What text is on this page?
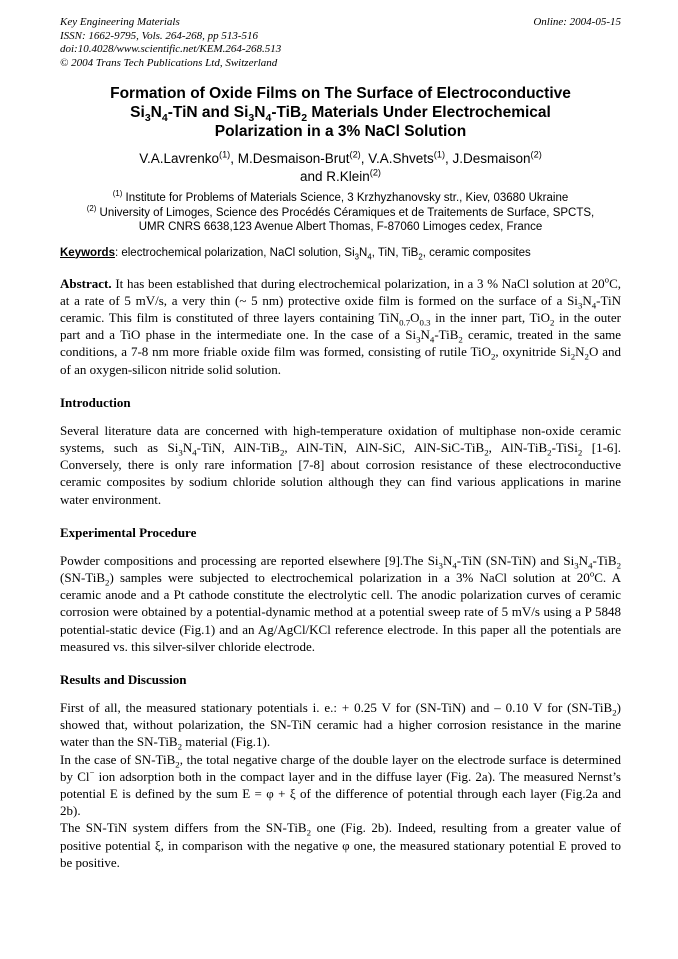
Key Engineering Materials	Online: 2004-05-15
ISSN: 1662-9795, Vols. 264-268, pp 513-516
doi:10.4028/www.scientific.net/KEM.264-268.513
© 2004 Trans Tech Publications Ltd, Switzerland
Formation of Oxide Films on The Surface of Electroconductive $Si_3N_4$-TiN and $Si_3N_4-TiB_2$ Materials Under Electrochemical Polarization in a 3% NaCl Solution
V.A.Lavrenko$^{(1)}$, M.Desmaison-Brut$^{(2)}$, V.A.Shvets$^{(1)}$, J.Desmaison$^{(2)}$
and R.Klein$^{(2)}$
$^{(1)}$ Institute for Problems of Materials Science, 3 Krzhyzhanovsky str., Kiev, 03680 Ukraine
$^{(2)}$ University of Limoges, Science des Procédés Céramiques et de Traitements de Surface, SPCTS, UMR CNRS 6638,123 Avenue Albert Thomas, F-87060 Limoges cedex, France

Keywords: electrochemical polarization, NaCl solution, $Si_3N_4$, TiN, TiB$_2$, ceramic composites

Abstract. It has been established that during electrochemical polarization, in a 3 % NaCl solution at 20$^o$C, at a rate of 5 mV/s, a very thin (~ 5 nm) protective oxide film is formed on the surface of a $Si_3N_4$-TiN ceramic. This film is constituted of three layers containing $TiN_{0.7}O_{0.3}$ in the inner part, TiO$_2$ in the outer part and a TiO phase in the intermediate one. In the case of a $Si_3N_4-TiB_2$ ceramic, treated in the same conditions, a 7-8 nm more friable oxide film was formed, consisting of rutile TiO$_2$, oxynitride $Si_2N_2O$ and of an oxygen-silicon nitride solid solution.

Introduction

Several literature data are concerned with high-temperature oxidation of multiphase non-oxide ceramic systems, such as $Si_3N_4$-TiN, AlN-TiB$_2$, AlN-TiN, AlN-SiC, AlN-SiC-TiB$_2$, AlN-TiB$_2$-TiSi$_2$ [1-6]. Conversely, there is only rare information [7-8] about corrosion resistance of these electroconductive ceramic composites by sodium chloride solution although they can find various applications in marine water environment.

Experimental Procedure

Powder compositions and processing are reported elsewhere [9].The $Si_3N_4$-TiN (SN-TiN) and $Si_3N_4-TiB_2$ (SN-TiB$_2$) samples were subjected to electrochemical polarization in a 3% NaCl solution at 20$^o$C. A ceramic anode and a Pt cathode constitute the electrolytic cell. The anodic polarization curves of ceramic corrosion were obtained by a potential-dynamic method at a potential sweep rate of 5 mV/s using a P 5848 potential-static device (Fig.1) and an Ag/AgCl/KCl reference electrode. In this paper all the potentials are measured vs. this silver-silver chloride electrode.

Results and Discussion

First of all, the measured stationary potentials i. e.: + 0.25 V for (SN-TiN) and – 0.10 V for (SN-TiB$_2$) showed that, without polarization, the SN-TiN ceramic had a higher corrosion resistance in the marine water than the SN-TiB$_2$ material (Fig.1).

In the case of SN-TiB$_2$, the total negative charge of the double layer on the electrode surface is determined by Cl− ion adsorption both in the compact layer and in the diffuse layer (Fig. 2a). The measured Nernst’s potential E is defined by the sum E = φ + ξ of the difference of potential through each layer (Fig.2a and 2b).

The SN-TiN system differs from the SN-TiB$_2$ one (Fig. 2b). Indeed, resulting from a greater value of positive potential ξ, in comparison with the negative φ one, the measured stationary potential E proved to be positive.
